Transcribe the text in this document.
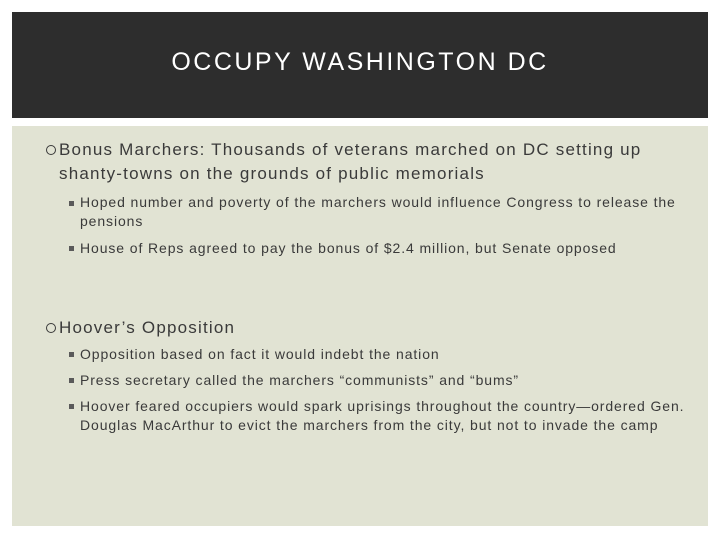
OCCUPY WASHINGTON DC
Bonus Marchers: Thousands of veterans marched on DC setting up shanty-towns on the grounds of public memorials
Hoped number and poverty of the marchers would influence Congress to release the pensions
House of Reps agreed to pay the bonus of $2.4 million, but Senate opposed
Hoover’s Opposition
Opposition based on fact it would indebt the nation
Press secretary called the marchers “communists” and “bums”
Hoover feared occupiers would spark uprisings throughout the country—ordered Gen. Douglas MacArthur to evict the marchers from the city, but not to invade the camp
